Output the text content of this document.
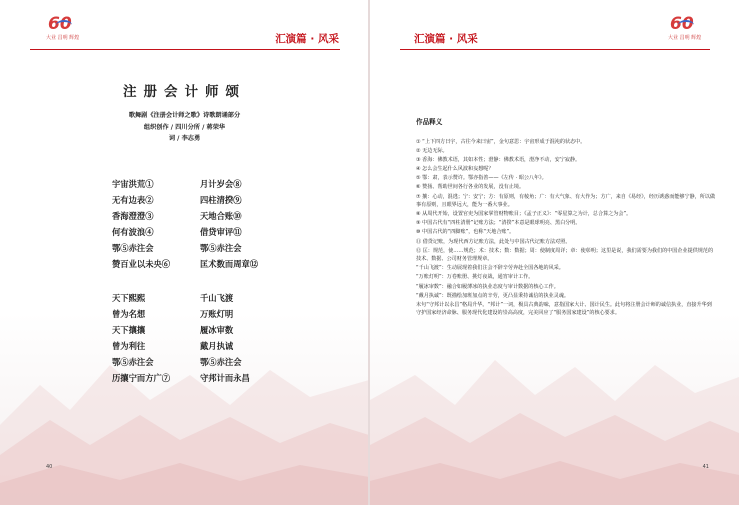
60
大业 昌明 辉煌	汇演篇 · 风采
注册会计师颂
歌舞剧《注册会计师之歌》诗歌朗诵部分
组织创作 / 四川分所 / 蒋荣华
词 / 李志勇
宇宙洪荒①
无有边表②
香海澄澄③
何有波浪④
鄂⑤赤注会
赞百业以未央⑥
天下熙熙
曾为名想
天下攘攘
曾为利往
鄂⑤赤注会
历攘宁而方广⑦
月计岁会⑧
四柱清揆⑨
天地合账⑩
借贷审评⑪
鄂⑤赤注会
匡术数而周章⑫
千山飞渡
万账灯明
履冰审数
戴月执诚
鄂⑤赤注会
守邦计而永昌
40
汇演篇 · 风采
60
大业 昌明 辉煌
作品释义

① “上下四方曰宇，古往今来曰宙”，金句意思：宇宙形成于混沌的状态中。

② 无边无际。

③ 香海：佛教术语，其如本性；澄静：佛教术语，澄净不动，安宁寂静。

④ 怎么会生起什么风波和妄想呢？

⑤ 鄂：肃，表示赞许。鄂亦指善——《左传 · 昭公八年》。

⑥ 赞扬、帮助世间各行各业的发展，没有止境。

⑦ 攘：心动，混逃；宁：安宁；方：有原则，有棱角；广：有大气象、有大作为；方广，来自《易经》，经历诱惑而能够宁静，所以做事有原则，且眼界远大，能为一番大事业。

⑧ 从周代开始，设置官吏为国家掌管财物账目；《孟子正义》：“零星算之为计，总合算之为会”。

⑨ 中国古代有“四柱清册”记账方法；“清揆”本意是眼球明亮、黑白分明。

⑩ 中国古代的“四脚账”，也称“天地合账”。

⑪ 借贷记账，为现代西方记账方法，此处与中国古代记账方法对照。

⑫ 匡：规范，使……规范；术：技术；数：数据；周：使制度周详；章：使彰明；这里是说，我们需要为我们的中国企业提供规范的技术、数据、公司财务管理规章。

“千山飞渡”：生动展现着我们注会不辞辛劳奔赴全国各地的风采。

“万账灯明”：万卷账册、挑灯夜战，通宵审计工作。

“履冰审数”：融合如履薄冰的执业态度与审计数据的核心工作。

“戴月执诚”：既描绘加班加点的辛劳，更凸显秉持诚信的执业灵魂。

末句“守邦计以永昌”格局升华。“邦计”一词，极具古典韵味，意指国家大计、国计民生。此句将注册会计师的诚信执业，直接升华到守护国家经济命脉、服务现代化建设的崇高高度，完美回应了“服务国家建设”的核心要求。

41
